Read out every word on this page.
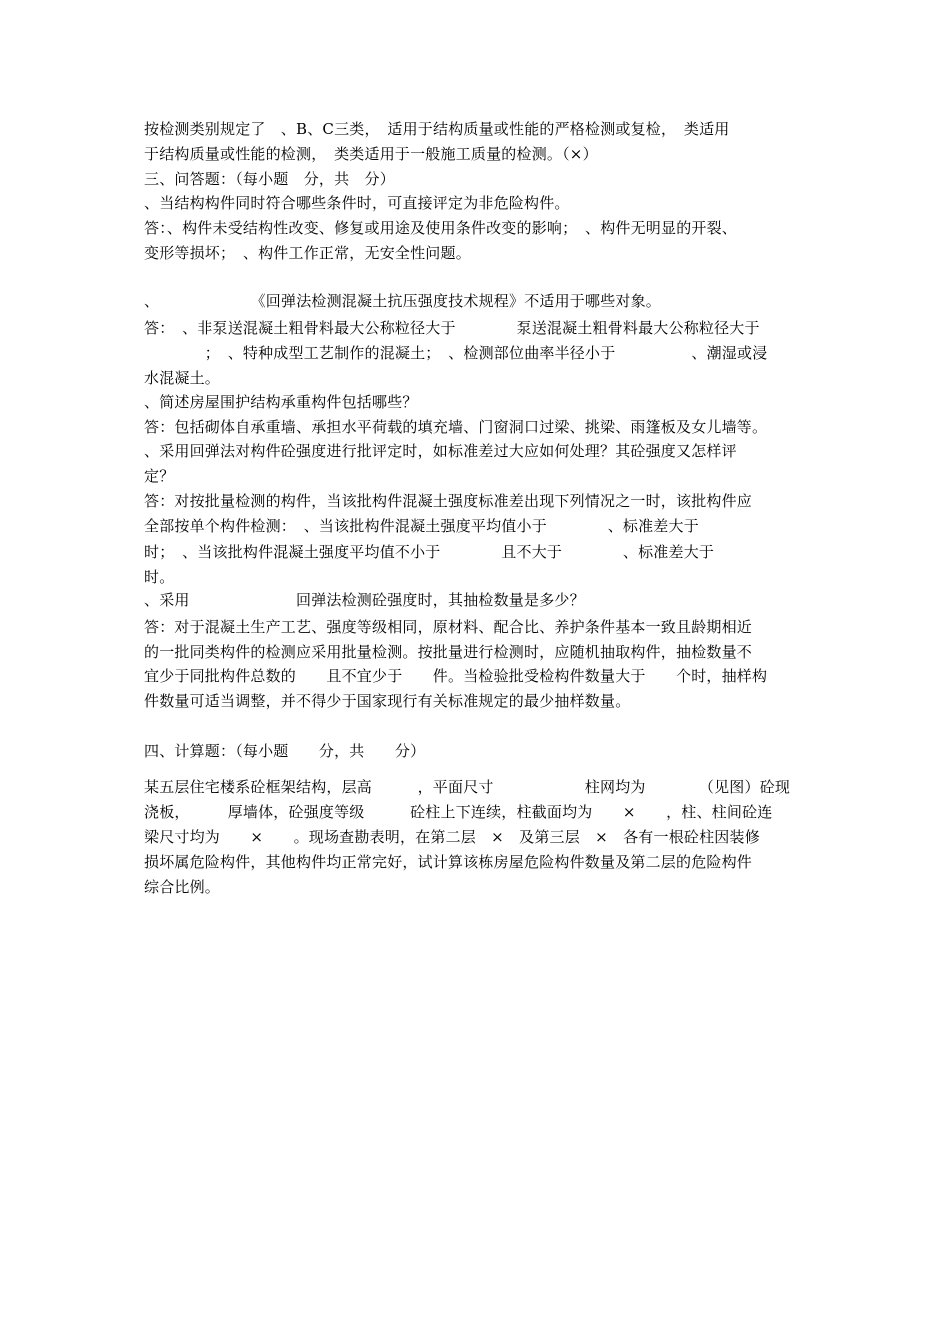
按检测类别规定了　、B、C三类，　适用于结构质量或性能的严格检测或复检，　类适用
于结构质量或性能的检测，　类类适用于一般施工质量的检测。（×）
三、问答题：（每小题　分，共　分）
、当结构构件同时符合哪些条件时，可直接评定为非危险构件。
答：、构件未受结构性改变、修复或用途及使用条件改变的影响；　、构件无明显的开裂、
变形等损坏；　、构件工作正常，无安全性问题。
、　　　　　　　《回弹法检测混凝土抗压强度技术规程》不适用于哪些对象。
答：　、非泵送混凝土粗骨料最大公称粒径大于　　　　泵送混凝土粗骨料最大公称粒径大于
　　　　；　、特种成型工艺制作的混凝土；　、检测部位曲率半径小于　　　　　、潮湿或浸
水混凝土。
、简述房屋围护结构承重构件包括哪些？
答：包括砌体自承重墙、承担水平荷载的填充墙、门窗洞口过梁、挑梁、雨篷板及女儿墙等。
、采用回弹法对构件砼强度进行批评定时，如标准差过大应如何处理？其砼强度又怎样评
定？
答：对按批量检测的构件，当该批构件混凝土强度标准差出现下列情况之一时，该批构件应
全部按单个构件检测：　、当该批构件混凝土强度平均值小于　　　　、标准差大于
时；　、当该批构件混凝土强度平均值不小于　　　　且不大于　　　　、标准差大于
时。
、采用　　　　　　　回弹法检测砼强度时，其抽检数量是多少？
答：对于混凝土生产工艺、强度等级相同，原材料、配合比、养护条件基本一致且龄期相近
的一批同类构件的检测应采用批量检测。按批量进行检测时，应随机抽取构件，抽检数量不
宜少于同批构件总数的　　且不宜少于　　件。当检验批受检构件数量大于　　个时，抽样构
件数量可适当调整，并不得少于国家现行有关标准规定的最少抽样数量。
四、计算题：（每小题　　分，共　　分）
某五层住宅楼系砼框架结构，层高　　　，平面尺寸　　　　　　柱网均为　　　　（见图）砼现
浇板，　　　厚墙体，砼强度等级　　　砼柱上下连续，柱截面均为　　×　　，柱、柱间砼连
梁尺寸均为　　×　　。现场查勘表明，在第二层　×　及第三层　×　各有一根砼柱因装修
损坏属危险构件，其他构件均正常完好，试计算该栋房屋危险构件数量及第二层的危险构件
综合比例。
